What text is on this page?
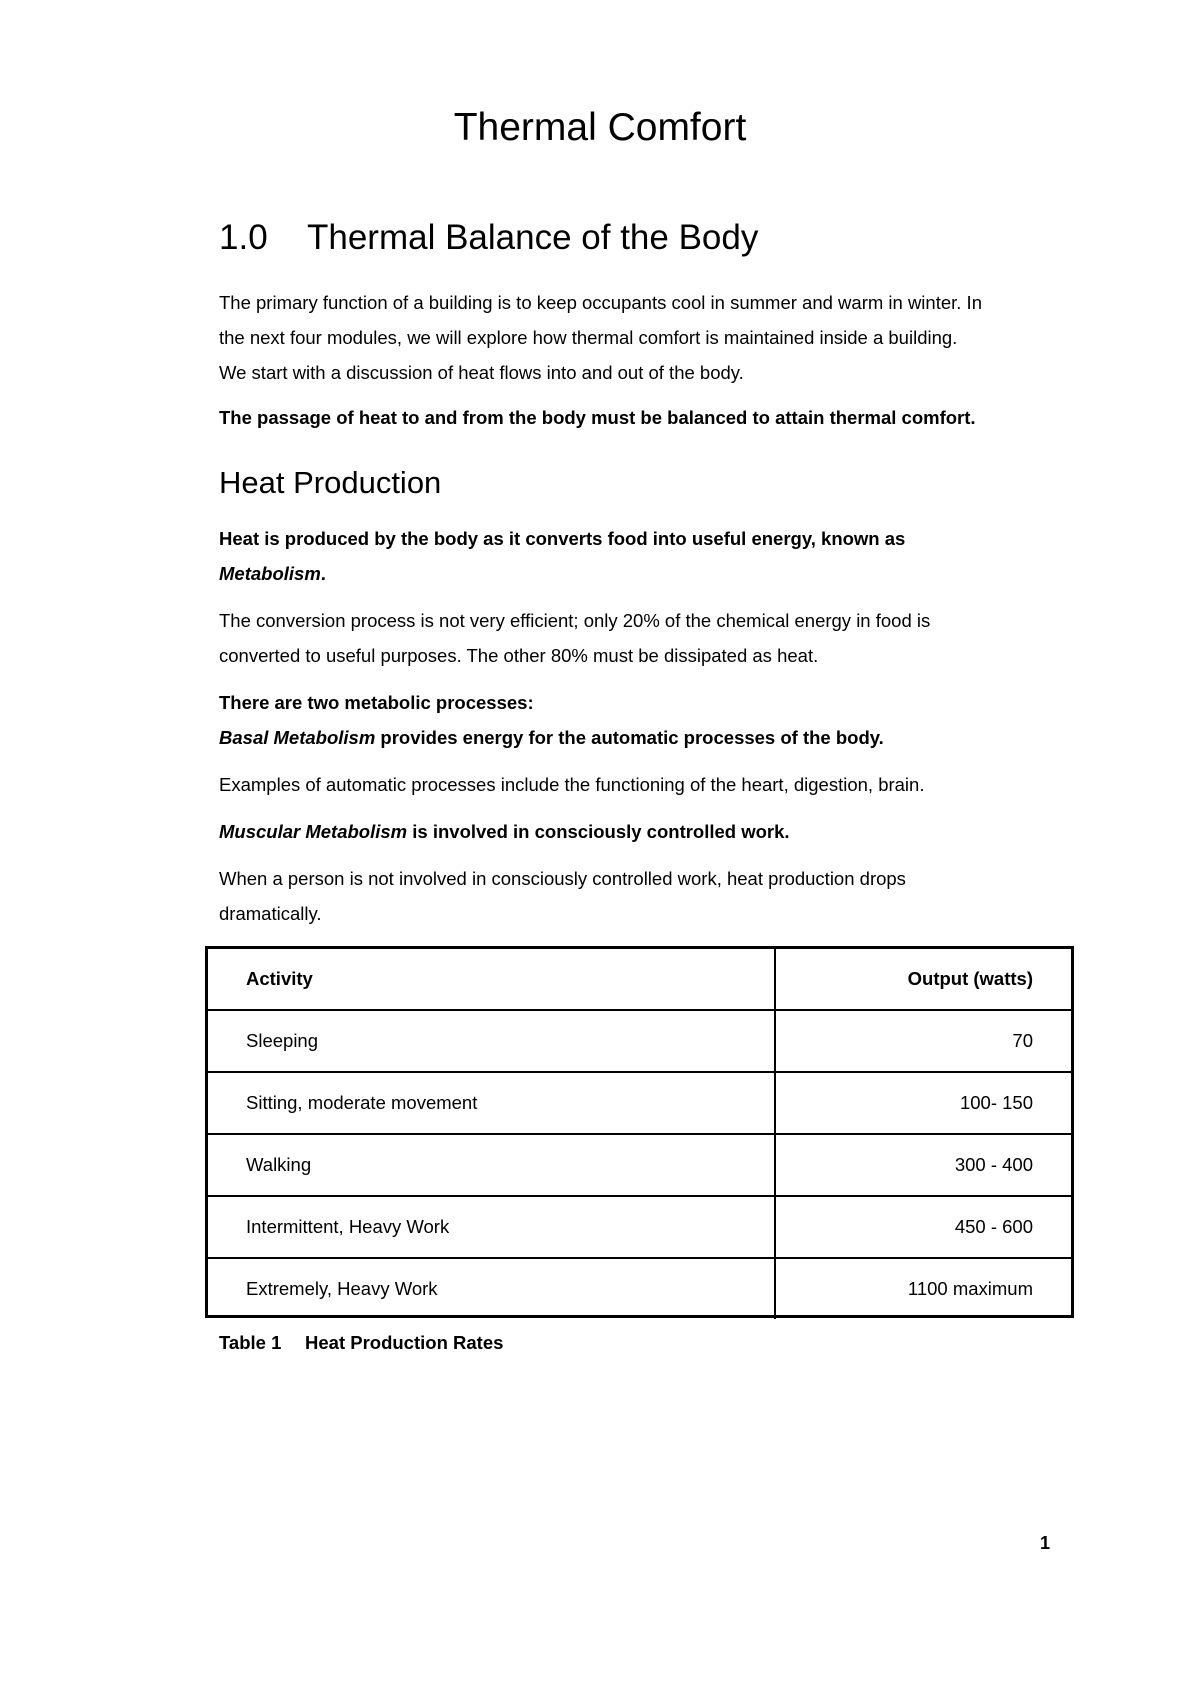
Thermal Comfort
1.0 Thermal Balance of the Body

The primary function of a building is to keep occupants cool in summer and warm in winter. In
the next four modules, we will explore how thermal comfort is maintained inside a building.
We start with a discussion of heat flows into and out of the body.

The passage of heat to and from the body must be balanced to attain thermal comfort.

Heat Production

Heat is produced by the body as it converts food into useful energy, known as
Metabolism.

The conversion process is not very efficient; only 20% of the chemical energy in food is
converted to useful purposes. The other 80% must be dissipated as heat.

There are two metabolic processes:
Basal Metabolism provides energy for the automatic processes of the body.

Examples of automatic processes include the functioning of the heart, digestion, brain.

Muscular Metabolism is involved in consciously controlled work.

When a person is not involved in consciously controlled work, heat production drops
dramatically.

Activity	Output (watts)
Sleeping	70
Sitting, moderate movement	100- 150
Walking	300 - 400
Intermittent, Heavy Work	450 - 600
Extremely, Heavy Work	1100 maximum

Table 1 Heat Production Rates

1
